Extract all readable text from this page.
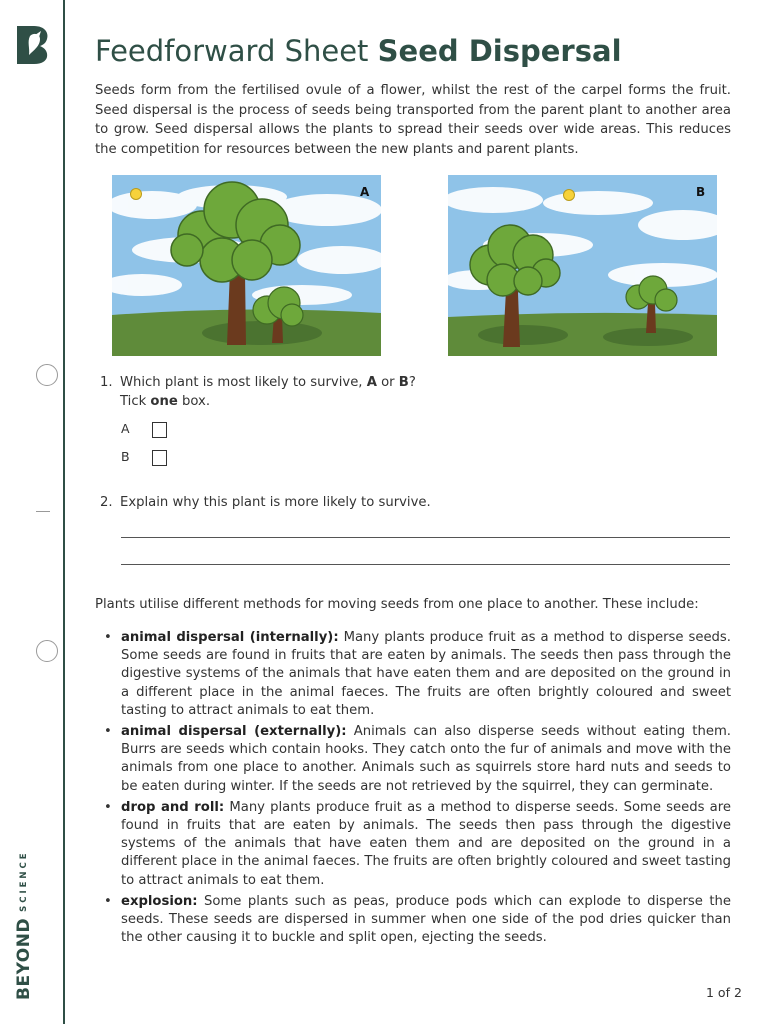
BEYONDSCIENCE
Feedforward Sheet Seed Dispersal

Seeds form from the fertilised ovule of a flower, whilst the rest of the carpel forms the fruit. Seed dispersal is the process of seeds being transported from the parent plant to another area to grow. Seed dispersal allows the plants to spread their seeds over wide areas. This reduces the competition for resources between the new plants and parent plants.

A	B
1. Which plant is most likely to survive, A or B?
Tick one box.
A
B
2. Explain why this plant is more likely to survive.
Plants utilise different methods for moving seeds from one place to another. These include:
• animal dispersal (internally): Many plants produce fruit as a method to disperse seeds. Some seeds are found in fruits that are eaten by animals. The seeds then pass through the digestive systems of the animals that have eaten them and are deposited on the ground in a different place in the animal faeces. The fruits are often brightly coloured and sweet tasting to attract animals to eat them.
• animal dispersal (externally): Animals can also disperse seeds without eating them. Burrs are seeds which contain hooks. They catch onto the fur of animals and move with the animals from one place to another. Animals such as squirrels store hard nuts and seeds to be eaten during winter. If the seeds are not retrieved by the squirrel, they can germinate.
• drop and roll: Many plants produce fruit as a method to disperse seeds. Some seeds are found in fruits that are eaten by animals. The seeds then pass through the digestive systems of the animals that have eaten them and are deposited on the ground in a different place in the animal faeces. The fruits are often brightly coloured and sweet tasting to attract animals to eat them.
• explosion: Some plants such as peas, produce pods which can explode to disperse the seeds. These seeds are dispersed in summer when one side of the pod dries quicker than the other causing it to buckle and split open, ejecting the seeds.
1 of 2
